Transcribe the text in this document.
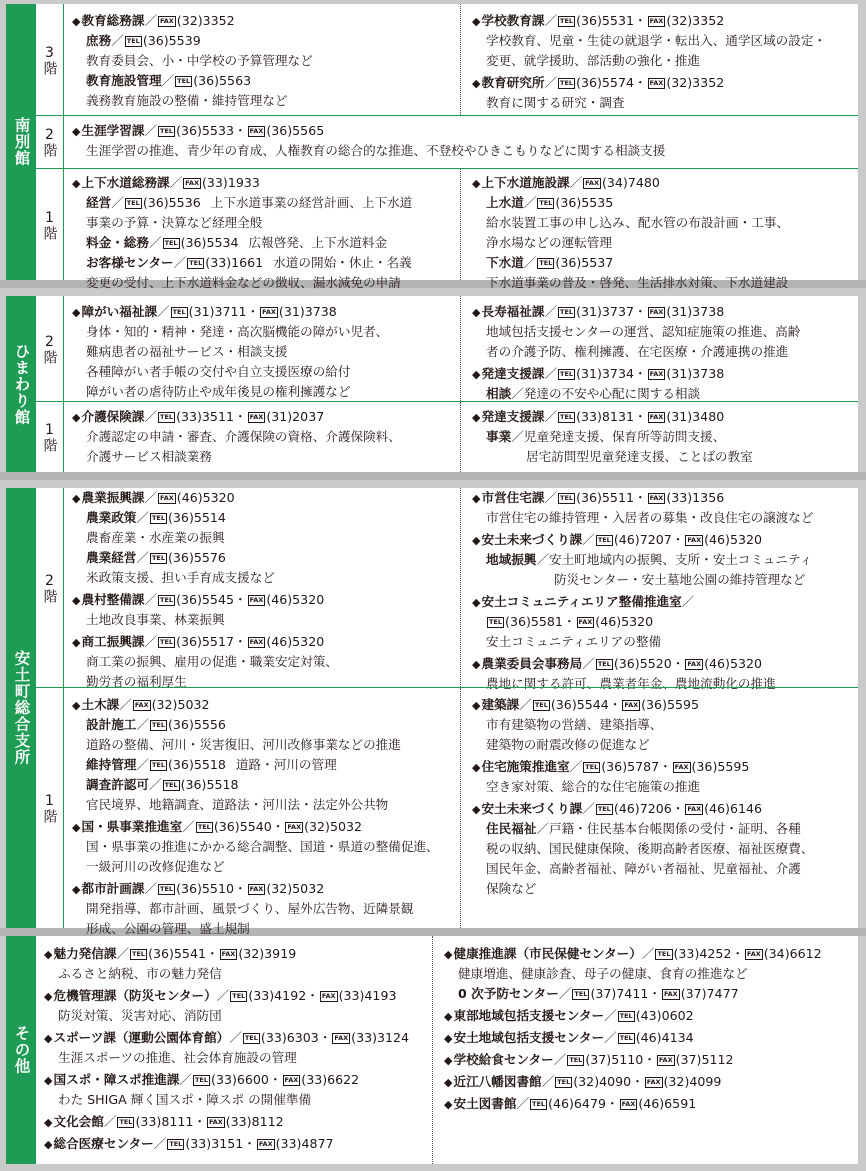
南別館
3階
◆教育総務課／ FAX (32)3352
庶務／ TEL (36)5539
教育委員会、小・中学校の予算管理など
教育施設管理／ TEL (36)5563
義務教育施設の整備・維持管理など
◆学校教育課／ TEL (36)5531・ FAX (32)3352
学校教育、児童・生徒の就退学・転出入、通学区域の設定・
変更、就学援助、部活動の強化・推進
◆教育研究所／ TEL (36)5574・ FAX (32)3352
教育に関する研究・調査
2階 ◆生涯学習課／ TEL (36)5533・ FAX (36)5565
生涯学習の推進、青少年の育成、人権教育の総合的な推進、不登校やひきこもりなどに関する相談支援
1階
◆上下水道総務課／ FAX (33)1933
経営／ TEL (36)5536 上下水道事業の経営計画、上下水道
事業の予算・決算など経理全般
料金・総務／ TEL (36)5534 広報啓発、上下水道料金
お客様センター／ TEL (33)1661 水道の開始・休止・名義
変更の受付、上下水道料金などの徴収、漏水減免の申請
◆上下水道施設課／ FAX (34)7480
上水道／ TEL (36)5535
給水装置工事の申し込み、配水管の布設計画・工事、
浄水場などの運転管理
下水道／ TEL (36)5537
下水道事業の普及・啓発、生活排水対策、下水道建設
ひまわり館 2階
◆障がい福祉課／ TEL (31)3711・ FAX (31)3738
身体・知的・精神・発達・高次脳機能の障がい児者、
難病患者の福祉サービス・相談支援
各種障がい者手帳の交付や自立支援医療の給付
障がい者の虐待防止や成年後見の権利擁護など
◆長寿福祉課／ TEL (31)3737・ FAX (31)3738
地域包括支援センターの運営、認知症施策の推進、高齢
者の介護予防、権利擁護、在宅医療・介護連携の推進
◆発達支援課／ TEL (31)3734・ FAX (31)3738
相談／発達の不安や心配に関する相談
1階
◆介護保険課／ TEL (33)3511・ FAX (31)2037
介護認定の申請・審査、介護保険の資格、介護保険料、
介護サービス相談業務
◆発達支援課／ TEL (33)8131・ FAX (31)3480
事業／児童発達支援、保育所等訪問支援、
居宅訪問型児童発達支援、ことばの教室
安土町総合支所
2階
◆農業振興課／ FAX (46)5320
農業政策／ TEL (36)5514
農畜産業・水産業の振興
農業経営／ TEL (36)5576
米政策支援、担い手育成支援など
◆農村整備課／ TEL (36)5545・ FAX (46)5320
土地改良事業、林業振興
◆商工振興課／ TEL (36)5517・ FAX (46)5320
商工業の振興、雇用の促進・職業安定対策、
勤労者の福利厚生
◆市営住宅課／ TEL (36)5511・ FAX (33)1356
市営住宅の維持管理・入居者の募集・改良住宅の譲渡など
◆安土未来づくり課／ TEL (46)7207・ FAX (46)5320
地域振興／安土町地域内の振興、支所・安土コミュニティ
防災センター・安土墓地公園の維持管理など
◆安土コミュニティエリア整備推進室／
TEL (36)5581・ FAX (46)5320
安土コミュニティエリアの整備
◆農業委員会事務局／ TEL (36)5520・ FAX (46)5320
農地に関する許可、農業者年金、農地流動化の推進
1階
◆土木課／ FAX (32)5032
設計施工／ TEL (36)5556
道路の整備、河川・災害復旧、河川改修事業などの推進
維持管理／ TEL (36)5518 道路・河川の管理
調査許認可／ TEL (36)5518
官民境界、地籍調査、道路法・河川法・法定外公共物
◆国・県事業推進室／ TEL (36)5540・ FAX (32)5032
国・県事業の推進にかかる総合調整、国道・県道の整備促進、
一級河川の改修促進など
◆都市計画課／ TEL (36)5510・ FAX (32)5032
開発指導、都市計画、風景づくり、屋外広告物、近隣景観
形成、公園の管理、盛土規制
◆建築課／ TEL (36)5544・ FAX (36)5595
市有建築物の営繕、建築指導、
建築物の耐震改修の促進など
◆住宅施策推進室／ TEL (36)5787・ FAX (36)5595
空き家対策、総合的な住宅施策の推進
◆安土未来づくり課／ TEL (46)7206・ FAX (46)6146
住民福祉／戸籍・住民基本台帳関係の受付・証明、各種
税の収納、国民健康保険、後期高齢者医療、福祉医療費、
国民年金、高齢者福祉、障がい者福祉、児童福祉、介護
保険など
その他
◆魅力発信課／ TEL (36)5541・ FAX (32)3919
ふるさと納税、市の魅力発信
◆危機管理課（防災センター）／ TEL (33)4192・ FAX (33)4193
防災対策、災害対応、消防団
◆スポーツ課（運動公園体育館）／ TEL (33)6303・ FAX (33)3124
生涯スポーツの推進、社会体育施設の管理
◆国スポ・障スポ推進課／ TEL (33)6600・ FAX (33)6622
わた SHIGA 輝く国スポ・障スポ の開催準備
◆文化会館／ TEL (33)8111・ FAX (33)8112
◆総合医療センター／ TEL (33)3151・ FAX (33)4877
◆健康推進課（市民保健センター）／ TEL (33)4252・ FAX (34)6612
健康増進、健康診査、母子の健康、食育の推進など
0 次予防センター／ TEL (37)7411・ FAX (37)7477
◆東部地域包括支援センター／ TEL (43)0602
◆安土地域包括支援センター／ TEL (46)4134
◆学校給食センター／ TEL (37)5110・ FAX (37)5112
◆近江八幡図書館／ TEL (32)4090・ FAX (32)4099
◆安土図書館／ TEL (46)6479・ FAX (46)6591
